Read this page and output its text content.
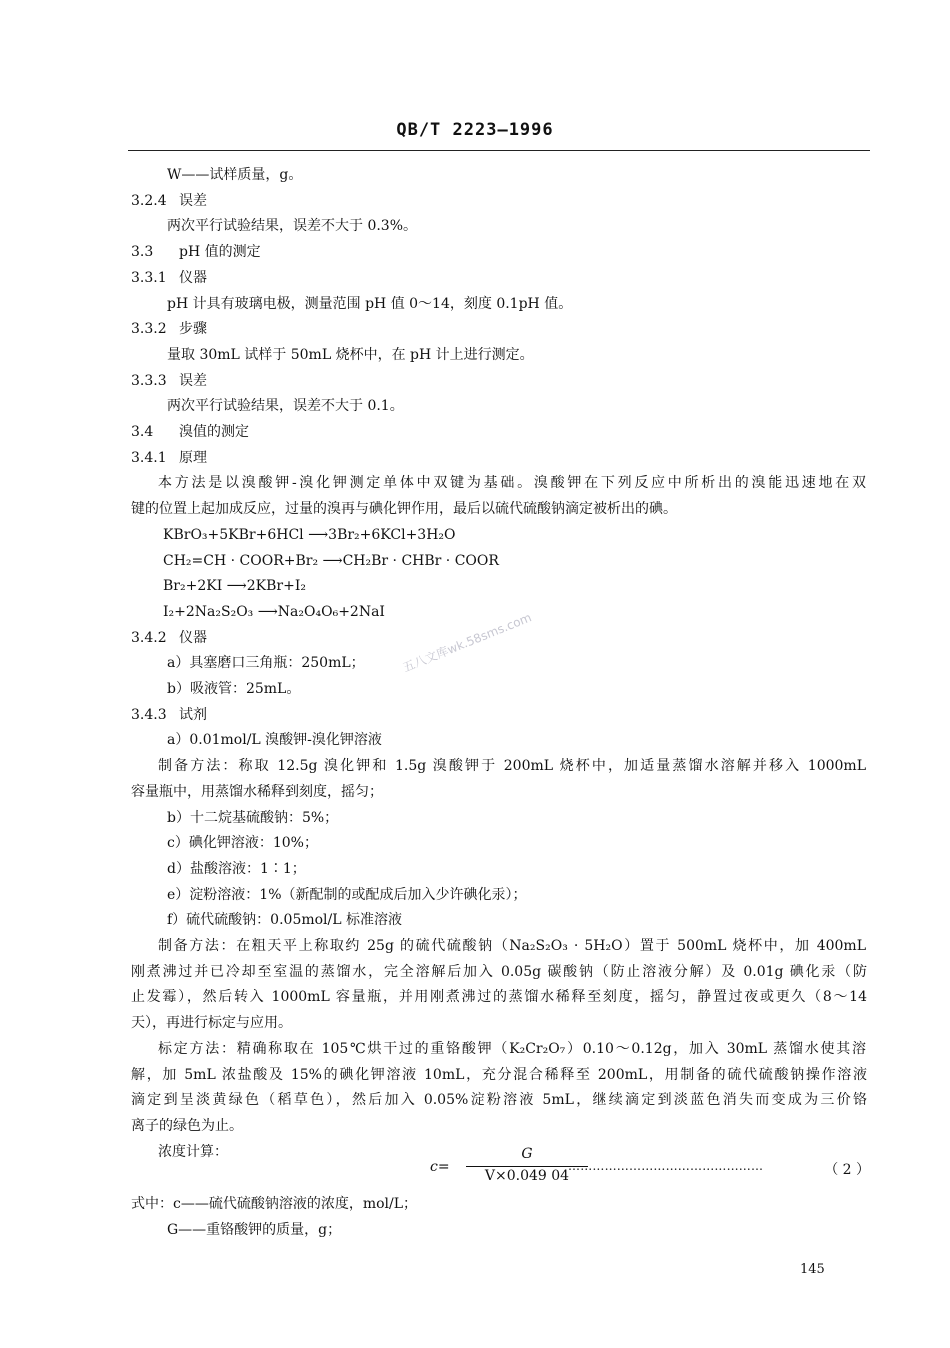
QB/T 2223—1996
W——试样质量，g。
3.2.4 误差
两次平行试验结果，误差不大于 0.3%。
3.3 pH 值的测定
3.3.1 仪器
pH 计具有玻璃电极，测量范围 pH 值 0～14，刻度 0.1pH 值。
3.3.2 步骤
量取 30mL 试样于 50mL 烧杯中，在 pH 计上进行测定。
3.3.3 误差
两次平行试验结果，误差不大于 0.1。
3.4 溴值的测定
3.4.1 原理
本方法是以溴酸钾-溴化钾测定单体中双键为基础。溴酸钾在下列反应中所析出的溴能迅速地在双
键的位置上起加成反应，过量的溴再与碘化钾作用，最后以硫代硫酸钠滴定被析出的碘。
KBrO₃+5KBr+6HCl ⟶3Br₂+6KCl+3H₂O
CH₂=CH · COOR+Br₂ ⟶CH₂Br · CHBr · COOR
Br₂+2KI ⟶2KBr+I₂
I₂+2Na₂S₂O₃ ⟶Na₂O₄O₆+2NaI
3.4.2 仪器
a）具塞磨口三角瓶：250mL；
b）吸液管：25mL。
3.4.3 试剂
a）0.01mol/L 溴酸钾-溴化钾溶液
制备方法：称取 12.5g 溴化钾和 1.5g 溴酸钾于 200mL 烧杯中，加适量蒸馏水溶解并移入 1000mL
容量瓶中，用蒸馏水稀释到刻度，摇匀；
b）十二烷基硫酸钠：5%；
c）碘化钾溶液：10%；
d）盐酸溶液：1∶1；
e）淀粉溶液：1%（新配制的或配成后加入少许碘化汞）；
f）硫代硫酸钠：0.05mol/L 标准溶液
制备方法：在粗天平上称取约 25g 的硫代硫酸钠（Na₂S₂O₃ · 5H₂O）置于 500mL 烧杯中，加 400mL
刚煮沸过并已冷却至室温的蒸馏水，完全溶解后加入 0.05g 碳酸钠（防止溶液分解）及 0.01g 碘化汞（防
止发霉），然后转入 1000mL 容量瓶，并用刚煮沸过的蒸馏水稀释至刻度，摇匀，静置过夜或更久（8～14
天），再进行标定与应用。
标定方法：精确称取在 105℃烘干过的重铬酸钾（K₂Cr₂O₇）0.10～0.12g，加入 30mL 蒸馏水使其溶
解，加 5mL 浓盐酸及 15%的碘化钾溶液 10mL，充分混合稀释至 200mL，用制备的硫代硫酸钠操作溶液
滴定到呈淡黄绿色（稻草色），然后加入 0.05%淀粉溶液 5mL，继续滴定到淡蓝色消失而变成为三价铬
离子的绿色为止。
浓度计算：
c=
G
V×0.049 04
…………………………………………	（ 2 ）
式中：c——硫代硫酸钠溶液的浓度，mol/L；
G——重铬酸钾的质量，g；
五八文库wk.58sms.com
145
